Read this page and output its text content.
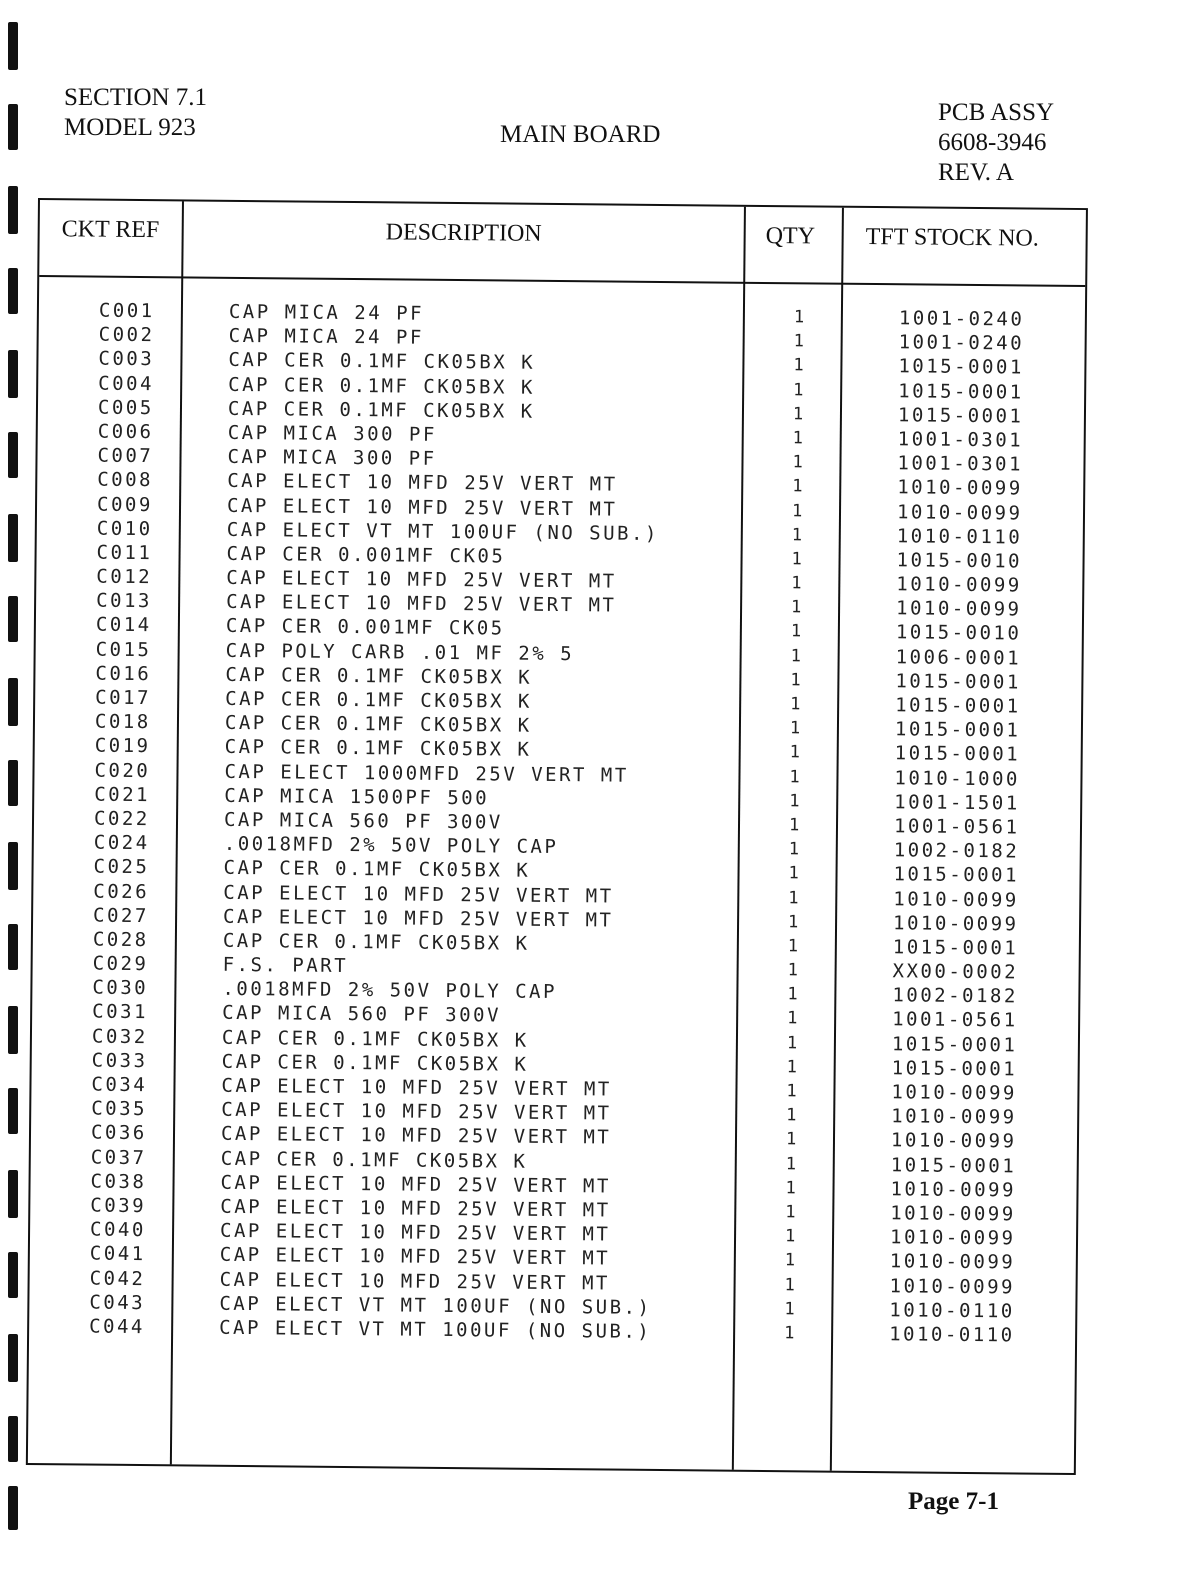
SECTION 7.1
MODEL 923	MAIN BOARD
PCB ASSY
6608-3946
REV. A
CKT REF	DESCRIPTION	QTY TFT STOCK NO.
C001	CAP MICA 24 PF	1	1001-0240
C002	CAP MICA 24 PF	1	1001-0240
C003	CAP CER 0.1MF CK05BX K	1	1015-0001
C004	CAP CER 0.1MF CK05BX K	1	1015-0001
C005	CAP CER 0.1MF CK05BX K	1	1015-0001
C006	CAP MICA 300 PF	1	1001-0301
C007	CAP MICA 300 PF	1	1001-0301
C008	CAP ELECT 10 MFD 25V VERT MT	1	1010-0099
C009	CAP ELECT 10 MFD 25V VERT MT	1	1010-0099
C010	CAP ELECT VT MT 100UF (NO SUB.)	1	1010-0110
C011	CAP CER 0.001MF CK05	1	1015-0010
C012	CAP ELECT 10 MFD 25V VERT MT	1	1010-0099
C013	CAP ELECT 10 MFD 25V VERT MT	1	1010-0099
C014	CAP CER 0.001MF CK05	1	1015-0010
C015	CAP POLY CARB .01 MF 2% 5	1	1006-0001
C016	CAP CER 0.1MF CK05BX K	1	1015-0001
C017	CAP CER 0.1MF CK05BX K	1	1015-0001
C018	CAP CER 0.1MF CK05BX K	1	1015-0001
C019	CAP CER 0.1MF CK05BX K	1	1015-0001
C020	CAP ELECT 1000MFD 25V VERT MT	1	1010-1000
C021	CAP MICA 1500PF 500	1	1001-1501
C022	CAP MICA 560 PF 300V	1	1001-0561
C024	.0018MFD 2% 50V POLY CAP	1	1002-0182
C025	CAP CER 0.1MF CK05BX K	1	1015-0001
C026	CAP ELECT 10 MFD 25V VERT MT	1	1010-0099
C027	CAP ELECT 10 MFD 25V VERT MT	1	1010-0099
C028	CAP CER 0.1MF CK05BX K	1	1015-0001
C029	F.S. PART	1	XX00-0002
C030	.0018MFD 2% 50V POLY CAP	1	1002-0182
C031	CAP MICA 560 PF 300V	1	1001-0561
C032	CAP CER 0.1MF CK05BX K	1	1015-0001
C033	CAP CER 0.1MF CK05BX K	1	1015-0001
C034	CAP ELECT 10 MFD 25V VERT MT	1	1010-0099
C035	CAP ELECT 10 MFD 25V VERT MT	1	1010-0099
C036	CAP ELECT 10 MFD 25V VERT MT	1	1010-0099
C037	CAP CER 0.1MF CK05BX K	1	1015-0001
C038	CAP ELECT 10 MFD 25V VERT MT	1	1010-0099
C039	CAP ELECT 10 MFD 25V VERT MT	1	1010-0099
C040	CAP ELECT 10 MFD 25V VERT MT	1	1010-0099
C041	CAP ELECT 10 MFD 25V VERT MT	1	1010-0099
C042	CAP ELECT 10 MFD 25V VERT MT	1	1010-0099
C043	CAP ELECT VT MT 100UF (NO SUB.)	1	1010-0110
C044	CAP ELECT VT MT 100UF (NO SUB.)	1	1010-0110
Page 7-1
